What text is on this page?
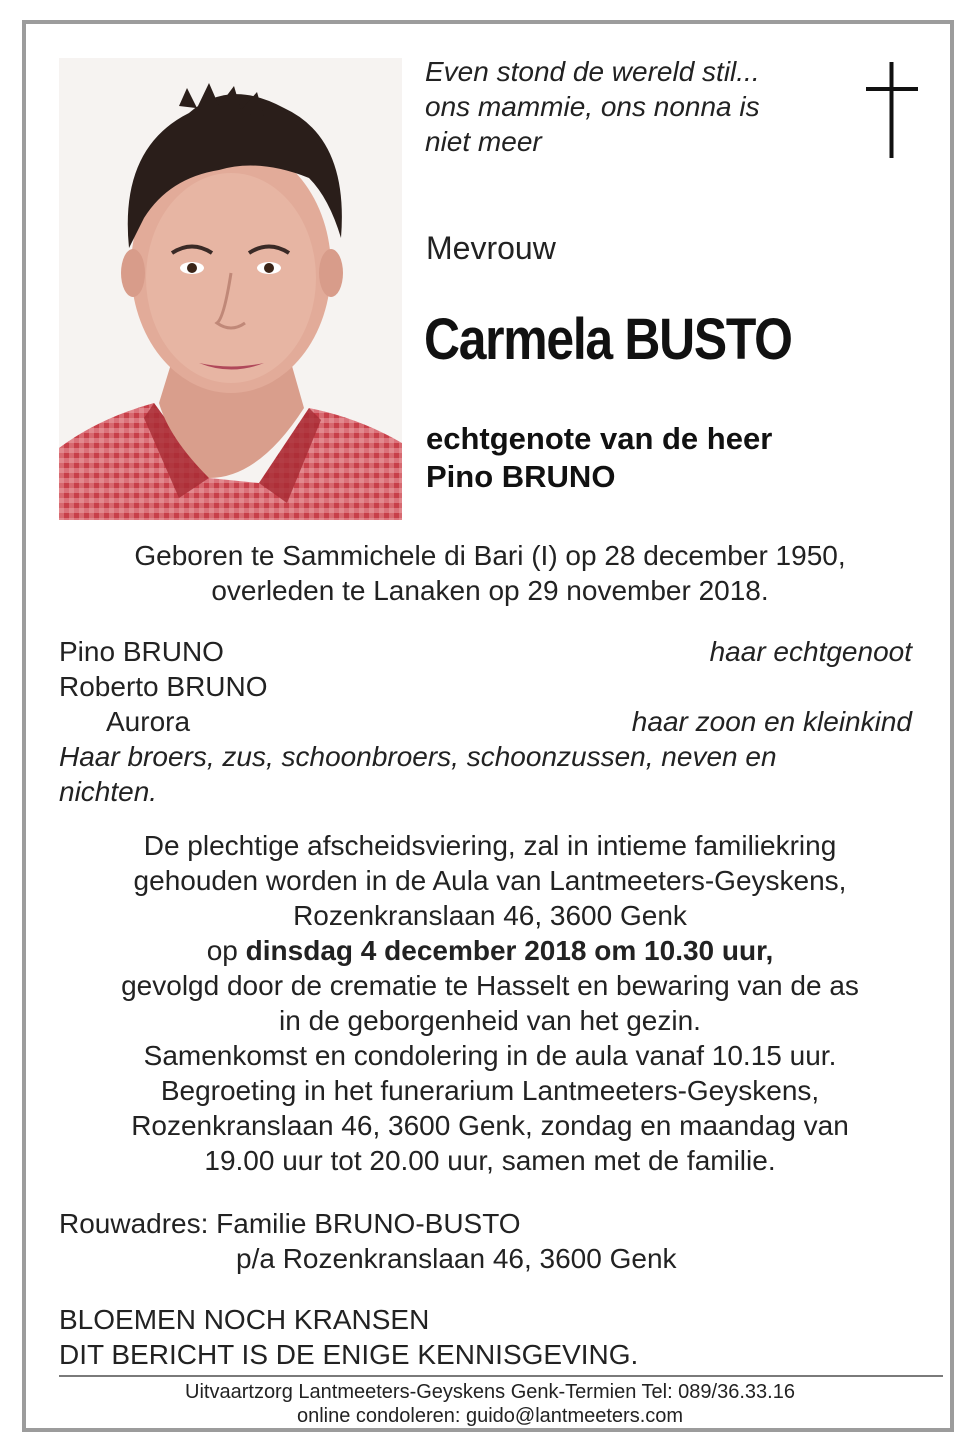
Even stond de wereld stil...
ons mammie, ons nonna is
niet meer
Mevrouw
Carmela BUSTO
echtgenote van de heer
Pino BRUNO
Geboren te Sammichele di Bari (I) op 28 december 1950,
overleden te Lanaken op 29 november 2018.
Pino BRUNO	haar echtgenoot
Roberto BRUNO
Aurora	haar zoon en kleinkind
Haar broers, zus, schoonbroers, schoonzussen, neven en
nichten.
De plechtige afscheidsviering, zal in intieme familiekring
gehouden worden in de Aula van Lantmeeters-Geyskens,
Rozenkranslaan 46, 3600 Genk
op dinsdag 4 december 2018 om 10.30 uur,
gevolgd door de crematie te Hasselt en bewaring van de as
in de geborgenheid van het gezin.
Samenkomst en condolering in de aula vanaf 10.15 uur.
Begroeting in het funerarium Lantmeeters-Geyskens,
Rozenkranslaan 46, 3600 Genk, zondag en maandag van
19.00 uur tot 20.00 uur, samen met de familie.
Rouwadres: Familie BRUNO-BUSTO
p/a Rozenkranslaan 46, 3600 Genk
BLOEMEN NOCH KRANSEN
DIT BERICHT IS DE ENIGE KENNISGEVING.
Uitvaartzorg Lantmeeters-Geyskens Genk-Termien Tel: 089/36.33.16
online condoleren: guido@lantmeeters.com
